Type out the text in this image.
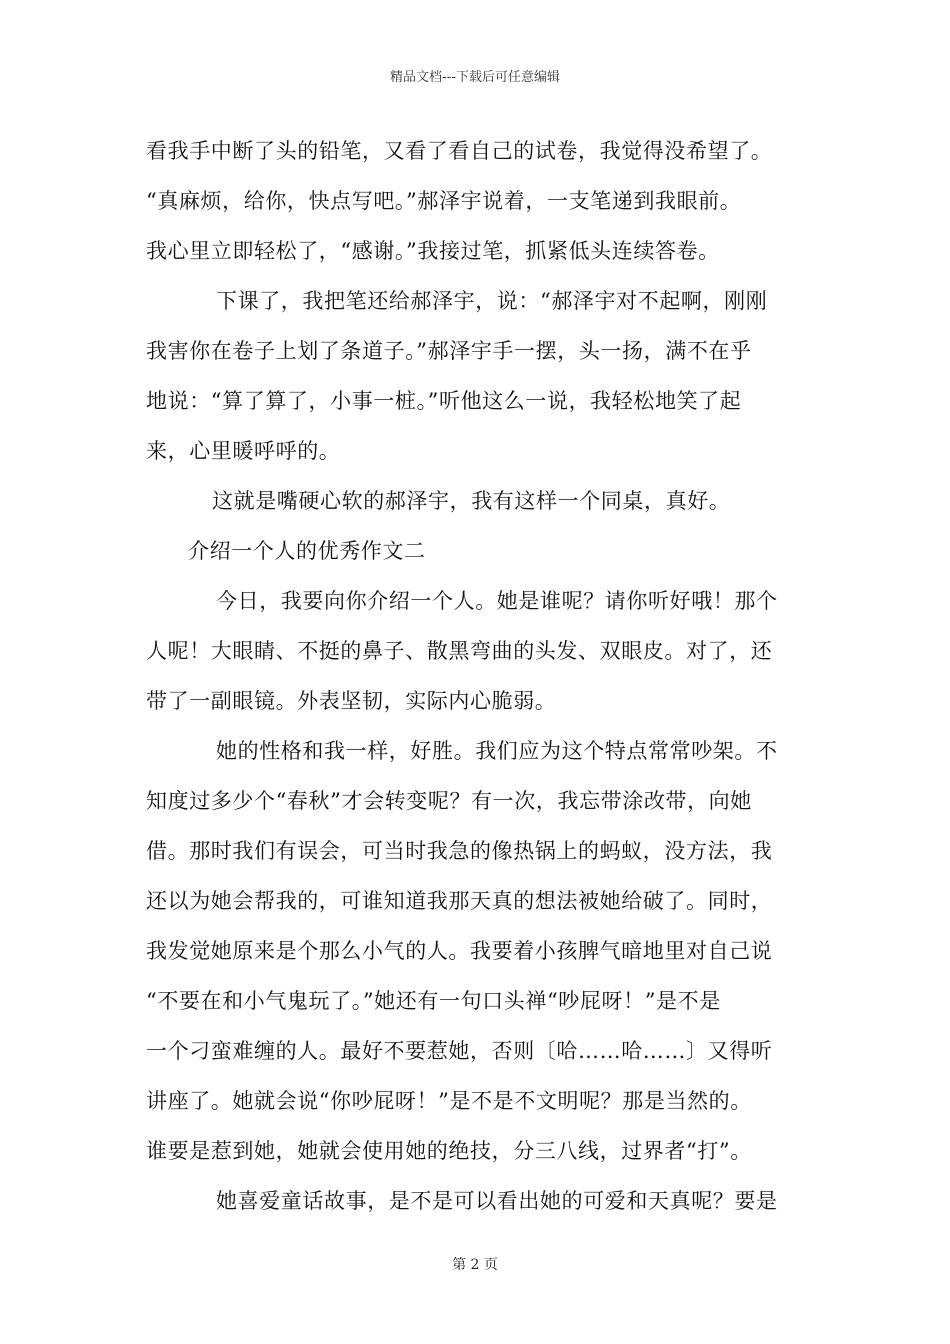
精品文档---下载后可任意编辑
看我手中断了头的铅笔，又看了看自己的试卷，我觉得没希望了。
“真麻烦，给你，快点写吧。”郝泽宇说着，一支笔递到我眼前。
我心里立即轻松了，“感谢。”我接过笔，抓紧低头连续答卷。
下课了，我把笔还给郝泽宇，说：“郝泽宇对不起啊，刚刚
我害你在卷子上划了条道子。”郝泽宇手一摆，头一扬，满不在乎
地说：“算了算了，小事一桩。”听他这么一说，我轻松地笑了起
来，心里暖呼呼的。
这就是嘴硬心软的郝泽宇，我有这样一个同桌，真好。
介绍一个人的优秀作文二
今日，我要向你介绍一个人。她是谁呢？请你听好哦！那个
人呢！大眼睛、不挺的鼻子、散黑弯曲的头发、双眼皮。对了，还
带了一副眼镜。外表坚韧，实际内心脆弱。
她的性格和我一样，好胜。我们应为这个特点常常吵架。不
知度过多少个“春秋”才会转变呢？有一次，我忘带涂改带，向她
借。那时我们有误会，可当时我急的像热锅上的蚂蚁，没方法，我
还以为她会帮我的，可谁知道我那天真的想法被她给破了。同时，
我发觉她原来是个那么小气的人。我要着小孩脾气暗地里对自己说
“不要在和小气鬼玩了。”她还有一句口头禅“吵屁呀！”是不是
一个刁蛮难缠的人。最好不要惹她，否则〔哈……哈……〕又得听
讲座了。她就会说“你吵屁呀！”是不是不文明呢？那是当然的。
谁要是惹到她，她就会使用她的绝技，分三八线，过界者“打”。
她喜爱童话故事，是不是可以看出她的可爱和天真呢？要是
第 2 页
